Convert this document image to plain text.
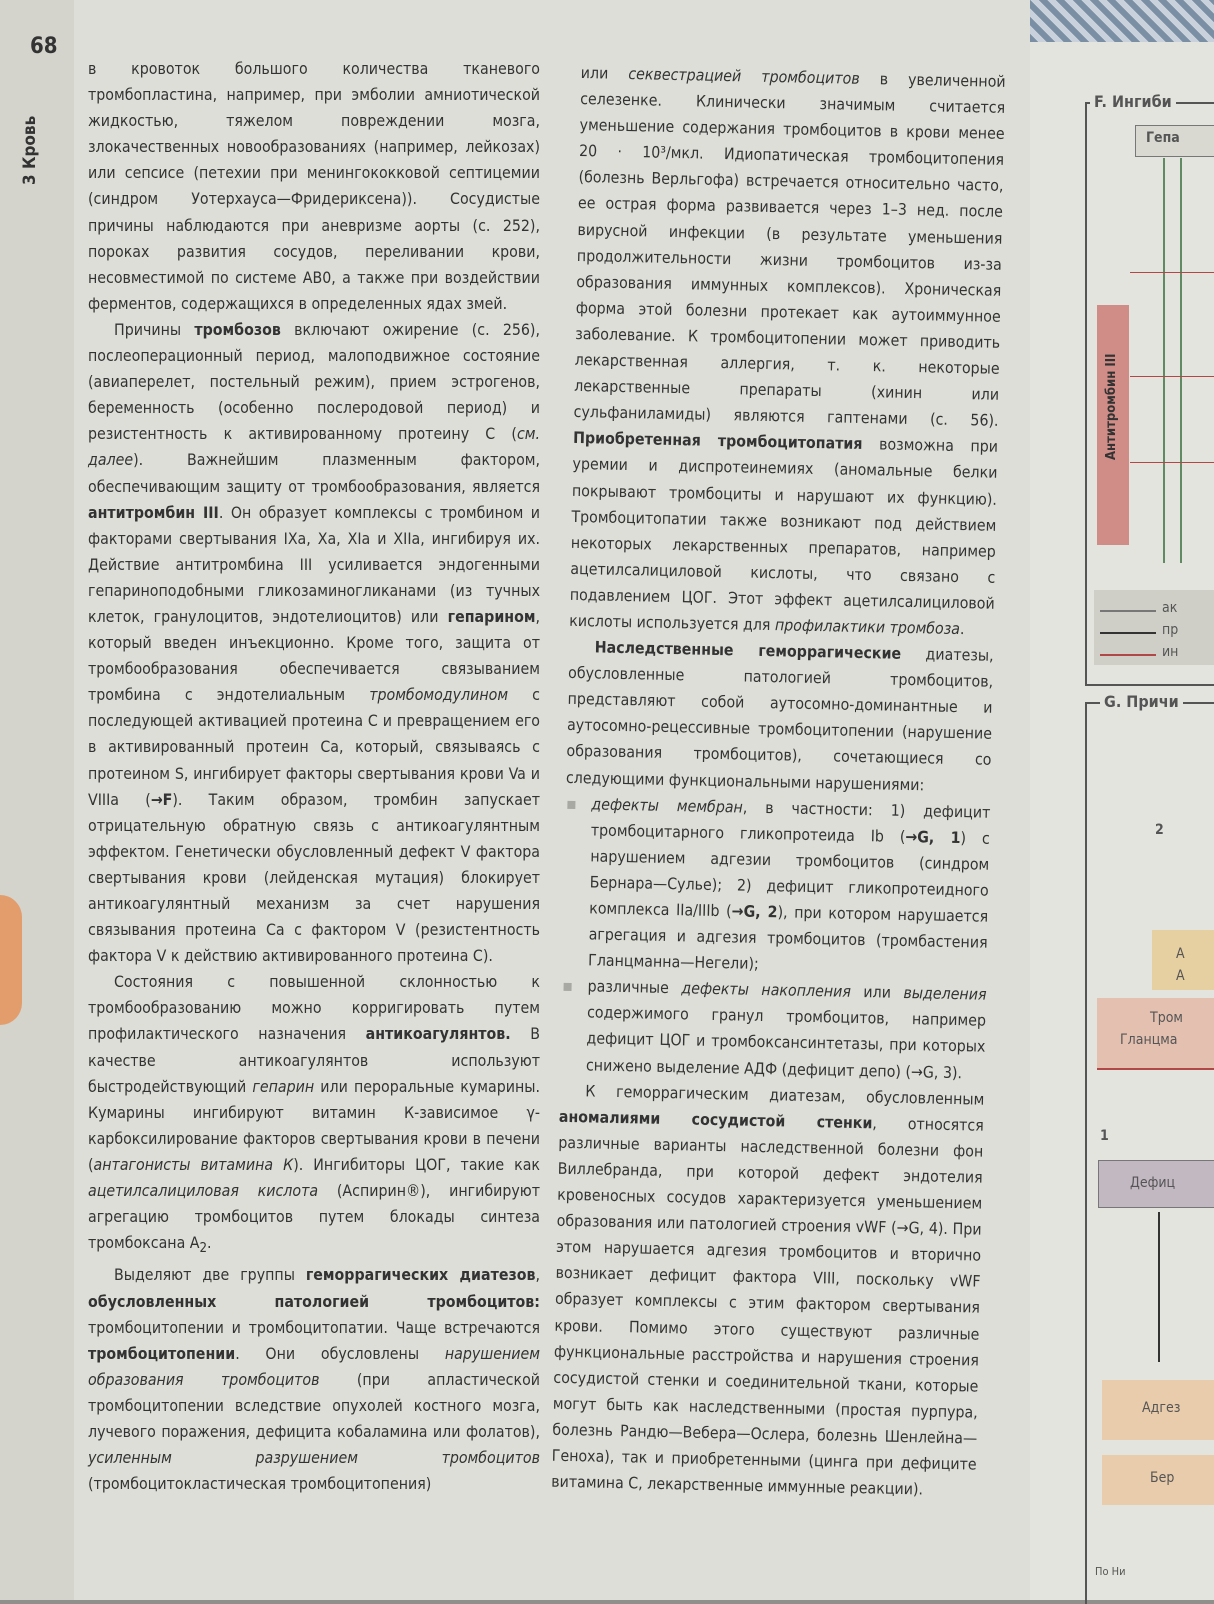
68
3 Кровь

в кровоток большого количества тканевого тромбопластина, например, при эмболии амниотической жидкостью, тяжелом повреждении мозга, злокачественных новообразованиях (например, лейкозах) или сепсисе (петехии при менингококковой септицемии (синдром Уотерхауса—Фридериксена)). Сосудистые причины наблюдаются при аневризме аорты (с. 252), пороках развития сосудов, переливании крови, несовместимой по системе АВ0, а также при воздействии ферментов, содержащихся в определенных ядах змей.

Причины тромбозов включают ожирение (с. 256), послеоперационный период, малоподвижное состояние (авиаперелет, постельный режим), прием эстрогенов, беременность (особенно послеродовой период) и резистентность к активированному протеину С (см. далее). Важнейшим плазменным фактором, обеспечивающим защиту от тромбообразования, является антитромбин III. Он образует комплексы с тромбином и факторами свертывания IXa, Xa, XIa и XIIa, ингибируя их. Действие антитромбина III усиливается эндогенными гепариноподобными гликозаминогликанами (из тучных клеток, гранулоцитов, эндотелиоцитов) или гепарином, который введен инъекционно. Кроме того, защита от тромбообразования обеспечивается связыванием тромбина с эндотелиальным тромбомодулином с последующей активацией протеина С и превращением его в активированный протеин Са, который, связываясь с протеином S, ингибирует факторы свертывания крови Va и VIIIa (→F). Таким образом, тромбин запускает отрицательную обратную связь с антикоагулянтным эффектом. Генетически обусловленный дефект V фактора свертывания крови (лейденская мутация) блокирует антикоагулянтный механизм за счет нарушения связывания протеина Са с фактором V (резистентность фактора V к действию активированного протеина С).

Состояния с повышенной склонностью к тромбообразованию можно корригировать путем профилактического назначения антикоагулянтов. В качестве антикоагулянтов используют быстродействующий гепарин или пероральные кумарины. Кумарины ингибируют витамин К-зависимое γ-карбоксилирование факторов свертывания крови в печени (антагонисты витамина К). Ингибиторы ЦОГ, такие как ацетилсалициловая кислота (Аспирин®), ингибируют агрегацию тромбоцитов путем блокады синтеза тромбоксана $A_2$.

Выделяют две группы геморрагических диатезов, обусловленных патологией тромбоцитов: тромбоцитопении и тромбоцитопатии. Чаще встречаются тромбоцитопении. Они обусловлены нарушением образования тромбоцитов (при апластической тромбоцитопении вследствие опухолей костного мозга, лучевого поражения, дефицита кобаламина или фолатов), усиленным разрушением тромбоцитов (тромбоцитокластическая тромбоцитопения)

или секвестрацией тромбоцитов в увеличенной селезенке. Клинически значимым считается уменьшение содержания тромбоцитов в крови менее 20 · 10³/мкл. Идиопатическая тромбоцитопения (болезнь Верльгофа) встречается относительно часто, ее острая форма развивается через 1–3 нед. после вирусной инфекции (в результате уменьшения продолжительности жизни тромбоцитов из-за образования иммунных комплексов). Хроническая форма этой болезни протекает как аутоиммунное заболевание. К тромбоцитопении может приводить лекарственная аллергия, т. к. некоторые лекарственные препараты (хинин или сульфаниламиды) являются гаптенами (с. 56). Приобретенная тромбоцитопатия возможна при уремии и диспротеинемиях (аномальные белки покрывают тромбоциты и нарушают их функцию). Тромбоцитопатии также возникают под действием некоторых лекарственных препаратов, например ацетилсалициловой кислоты, что связано с подавлением ЦОГ. Этот эффект ацетилсалициловой кислоты используется для профилактики тромбоза.

Наследственные геморрагические диатезы, обусловленные патологией тромбоцитов, представляют собой аутосомно-доминантные и аутосомно-рецессивные тромбоцитопении (нарушение образования тромбоцитов), сочетающиеся со следующими функциональными нарушениями:

дефекты мембран, в частности: 1) дефицит тромбоцитарного гликопротеида Ib (→G, 1) с нарушением адгезии тромбоцитов (синдром Бернара—Сулье); 2) дефицит гликопротеидного комплекса IIa/IIIb (→G, 2), при котором нарушается агрегация и адгезия тромбоцитов (тромбастения Гланцманна—Негели);
различные дефекты накопления или выделения содержимого гранул тромбоцитов, например дефицит ЦОГ и тромбоксансинтетазы, при которых снижено выделение АДФ (дефицит депо) (→G, 3).

К геморрагическим диатезам, обусловленным аномалиями сосудистой стенки, относятся различные варианты наследственной болезни фон Виллебранда, при которой дефект эндотелия кровеносных сосудов характеризуется уменьшением образования или патологией строения vWF (→G, 4). При этом нарушается адгезия тромбоцитов и вторично возникает дефицит фактора VIII, поскольку vWF образует комплексы с этим фактором свертывания крови. Помимо этого существуют различные функциональные расстройства и нарушения строения сосудистой стенки и соединительной ткани, которые могут быть как наследственными (простая пурпура, болезнь Рандю—Вебера—Ослера, болезнь Шенлейна—Геноха), так и приобретенными (цинга при дефиците витамина С, лекарственные иммунные реакции).

F. Ингиби
Гепа
Антитромбин III
ак
пр
ин
G. Причи
2
А
А
Тром
Гланцма
1
Дефиц
Адгез
Бер
По Ни
